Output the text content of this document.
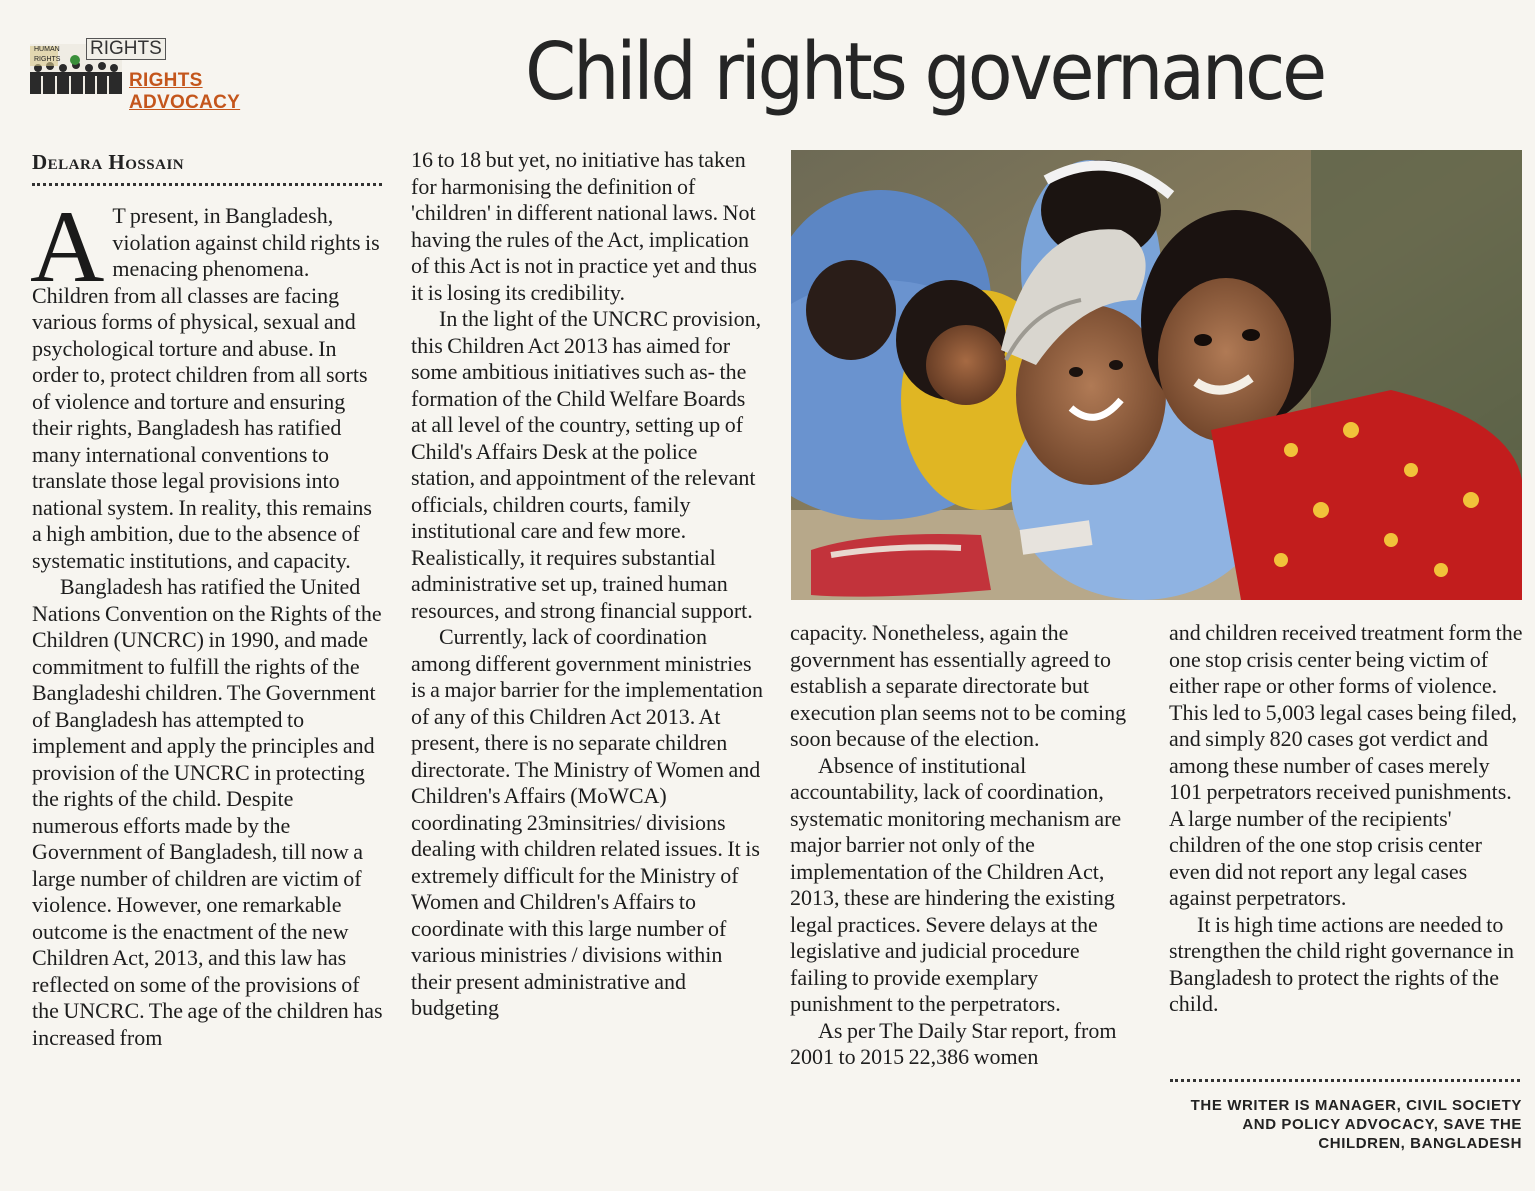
HUMAN
RIGHTS
RIGHTS
RIGHTS ADVOCACY	Child rights governance
Delara Hossain

A T present, in Bangladesh, violation against child rights is menacing phenomena. Children from all classes are facing various forms of physical, sexual and psychological torture and abuse. In order to, protect children from all sorts of violence and torture and ensuring their rights, Bangladesh has ratified many international conventions to translate those legal provisions into national system. In reality, this remains a high ambition, due to the absence of systematic institutions, and capacity.

Bangladesh has ratified the United Nations Convention on the Rights of the Children (UNCRC) in 1990, and made commitment to fulfill the rights of the Bangladeshi children. The Government of Bangladesh has attempted to implement and apply the principles and provision of the UNCRC in protecting the rights of the child. Despite numerous efforts made by the Government of Bangladesh, till now a large number of children are victim of violence. However, one remarkable outcome is the enactment of the new Children Act, 2013, and this law has reflected on some of the provisions of the UNCRC. The age of the children has increased from

16 to 18 but yet, no initiative has taken for harmonising the definition of 'children' in different national laws. Not having the rules of the Act, implication of this Act is not in practice yet and thus it is losing its credibility.

In the light of the UNCRC provision, this Children Act 2013 has aimed for some ambitious initiatives such as- the formation of the Child Welfare Boards at all level of the country, setting up of Child's Affairs Desk at the police station, and appointment of the relevant officials, children courts, family institutional care and few more. Realistically, it requires substantial administrative set up, trained human resources, and strong financial support.

Currently, lack of coordination among different government ministries is a major barrier for the implementation of any of this Children Act 2013. At present, there is no separate children directorate. The Ministry of Women and Children's Affairs (MoWCA) coordinating 23minsitries/ divisions dealing with children related issues. It is extremely difficult for the Ministry of Women and Children's Affairs to coordinate with this large number of various ministries / divisions within their present administrative and budgeting

capacity. Nonetheless, again the government has essentially agreed to establish a separate directorate but execution plan seems not to be coming soon because of the election.

Absence of institutional accountability, lack of coordination, systematic monitoring mechanism are major barrier not only of the implementation of the Children Act, 2013, these are hindering the existing legal practices. Severe delays at the legislative and judicial procedure failing to provide exemplary punishment to the perpetrators.

As per The Daily Star report, from 2001 to 2015 22,386 women

and children received treatment form the one stop crisis center being victim of either rape or other forms of violence. This led to 5,003 legal cases being filed, and simply 820 cases got verdict and among these number of cases merely 101 perpetrators received punishments. A large number of the recipients' children of the one stop crisis center even did not report any legal cases against perpetrators.

It is high time actions are needed to strengthen the child right governance in Bangladesh to protect the rights of the child.

THE WRITER IS MANAGER, CIVIL SOCIETY AND POLICY ADVOCACY, SAVE THE CHILDREN, BANGLADESH
